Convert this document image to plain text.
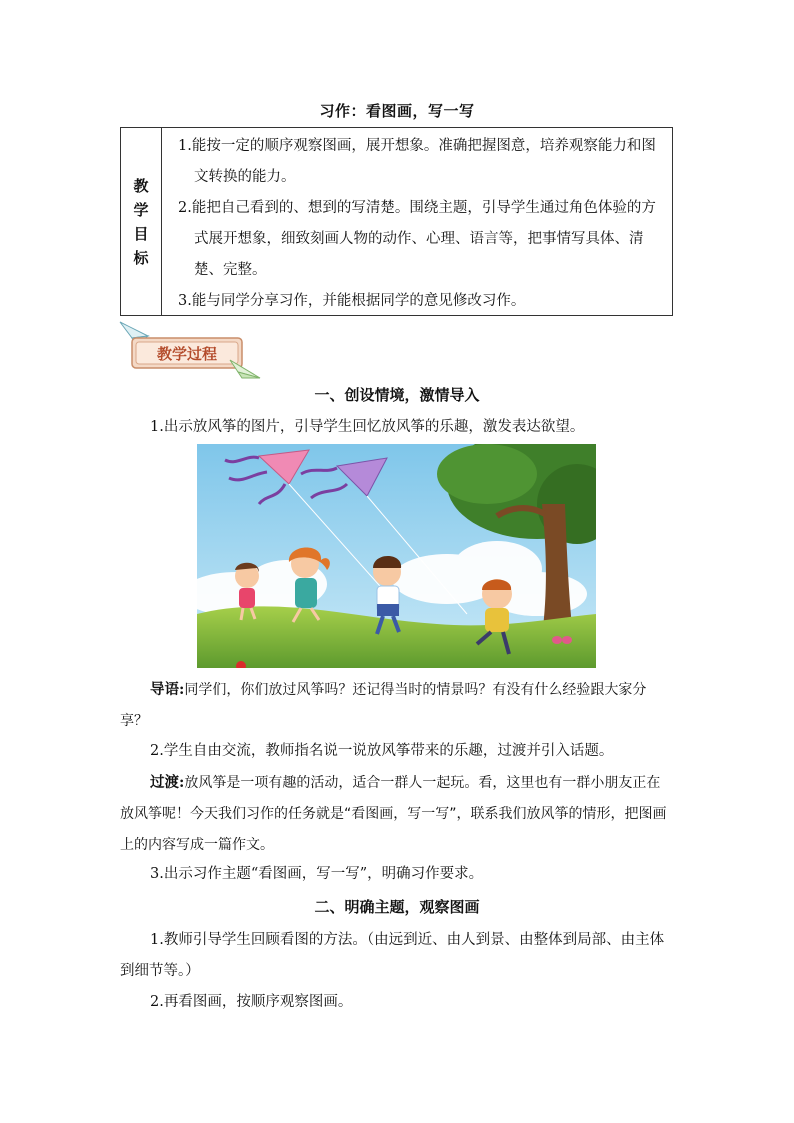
习作：看图画，写一写
教
学
目
标
1.能按一定的顺序观察图画，展开想象。准确把握图意，培养观察能力和图文转换的能力。
2.能把自己看到的、想到的写清楚。围绕主题，引导学生通过角色体验的方式展开想象，细致刻画人物的动作、心理、语言等，把事情写具体、清楚、完整。
3.能与同学分享习作，并能根据同学的意见修改习作。
教学过程
一、创设情境，激情导入
1.出示放风筝的图片，引导学生回忆放风筝的乐趣，激发表达欲望。
导语:同学们，你们放过风筝吗？还记得当时的情景吗？有没有什么经验跟大家分享？
2.学生自由交流，教师指名说一说放风筝带来的乐趣，过渡并引入话题。
过渡:放风筝是一项有趣的活动，适合一群人一起玩。看，这里也有一群小朋友正在放风筝呢！今天我们习作的任务就是“看图画，写一写”，联系我们放风筝的情形，把图画上的内容写成一篇作文。
3.出示习作主题“看图画，写一写”，明确习作要求。
二、明确主题，观察图画
1.教师引导学生回顾看图的方法。（由远到近、由人到景、由整体到局部、由主体到细节等。）
2.再看图画，按顺序观察图画。
